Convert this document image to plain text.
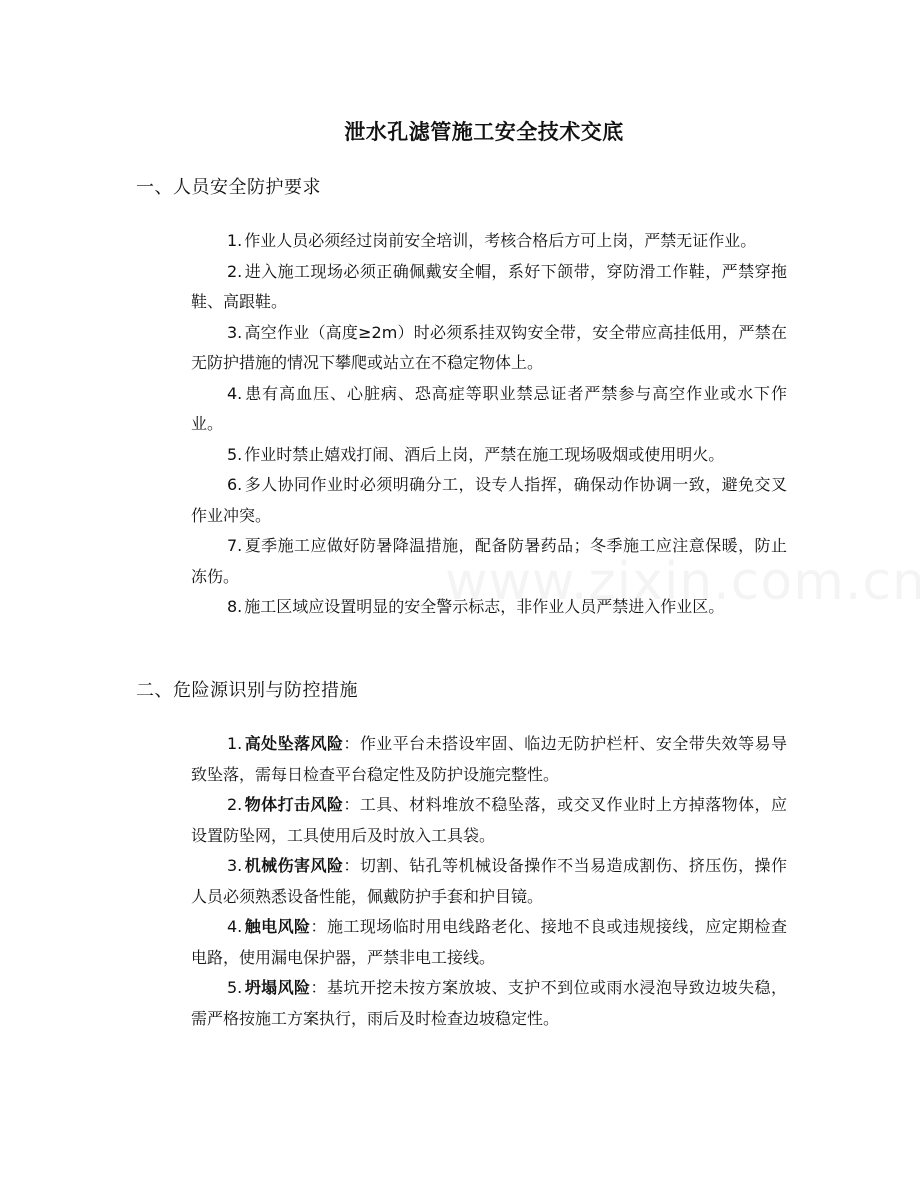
泄水孔滤管施工安全技术交底
一、人员安全防护要求
1. 作业人员必须经过岗前安全培训，考核合格后方可上岗，严禁无证作业。
2. 进入施工现场必须正确佩戴安全帽，系好下颌带，穿防滑工作鞋，严禁穿拖鞋、高跟鞋。
3. 高空作业（高度≥2m）时必须系挂双钩安全带，安全带应高挂低用，严禁在无防护措施的情况下攀爬或站立在不稳定物体上。
4. 患有高血压、心脏病、恐高症等职业禁忌证者严禁参与高空作业或水下作业。
5. 作业时禁止嬉戏打闹、酒后上岗，严禁在施工现场吸烟或使用明火。
6. 多人协同作业时必须明确分工，设专人指挥，确保动作协调一致，避免交叉作业冲突。
7. 夏季施工应做好防暑降温措施，配备防暑药品；冬季施工应注意保暖，防止冻伤。
8. 施工区域应设置明显的安全警示标志，非作业人员严禁进入作业区。
二、危险源识别与防控措施
1. 高处坠落风险：作业平台未搭设牢固、临边无防护栏杆、安全带失效等易导致坠落，需每日检查平台稳定性及防护设施完整性。
2. 物体打击风险：工具、材料堆放不稳坠落，或交叉作业时上方掉落物体，应设置防坠网，工具使用后及时放入工具袋。
3. 机械伤害风险：切割、钻孔等机械设备操作不当易造成割伤、挤压伤，操作人员必须熟悉设备性能，佩戴防护手套和护目镜。
4. 触电风险：施工现场临时用电线路老化、接地不良或违规接线，应定期检查电路，使用漏电保护器，严禁非电工接线。
5. 坍塌风险：基坑开挖未按方案放坡、支护不到位或雨水浸泡导致边坡失稳，需严格按施工方案执行，雨后及时检查边坡稳定性。
